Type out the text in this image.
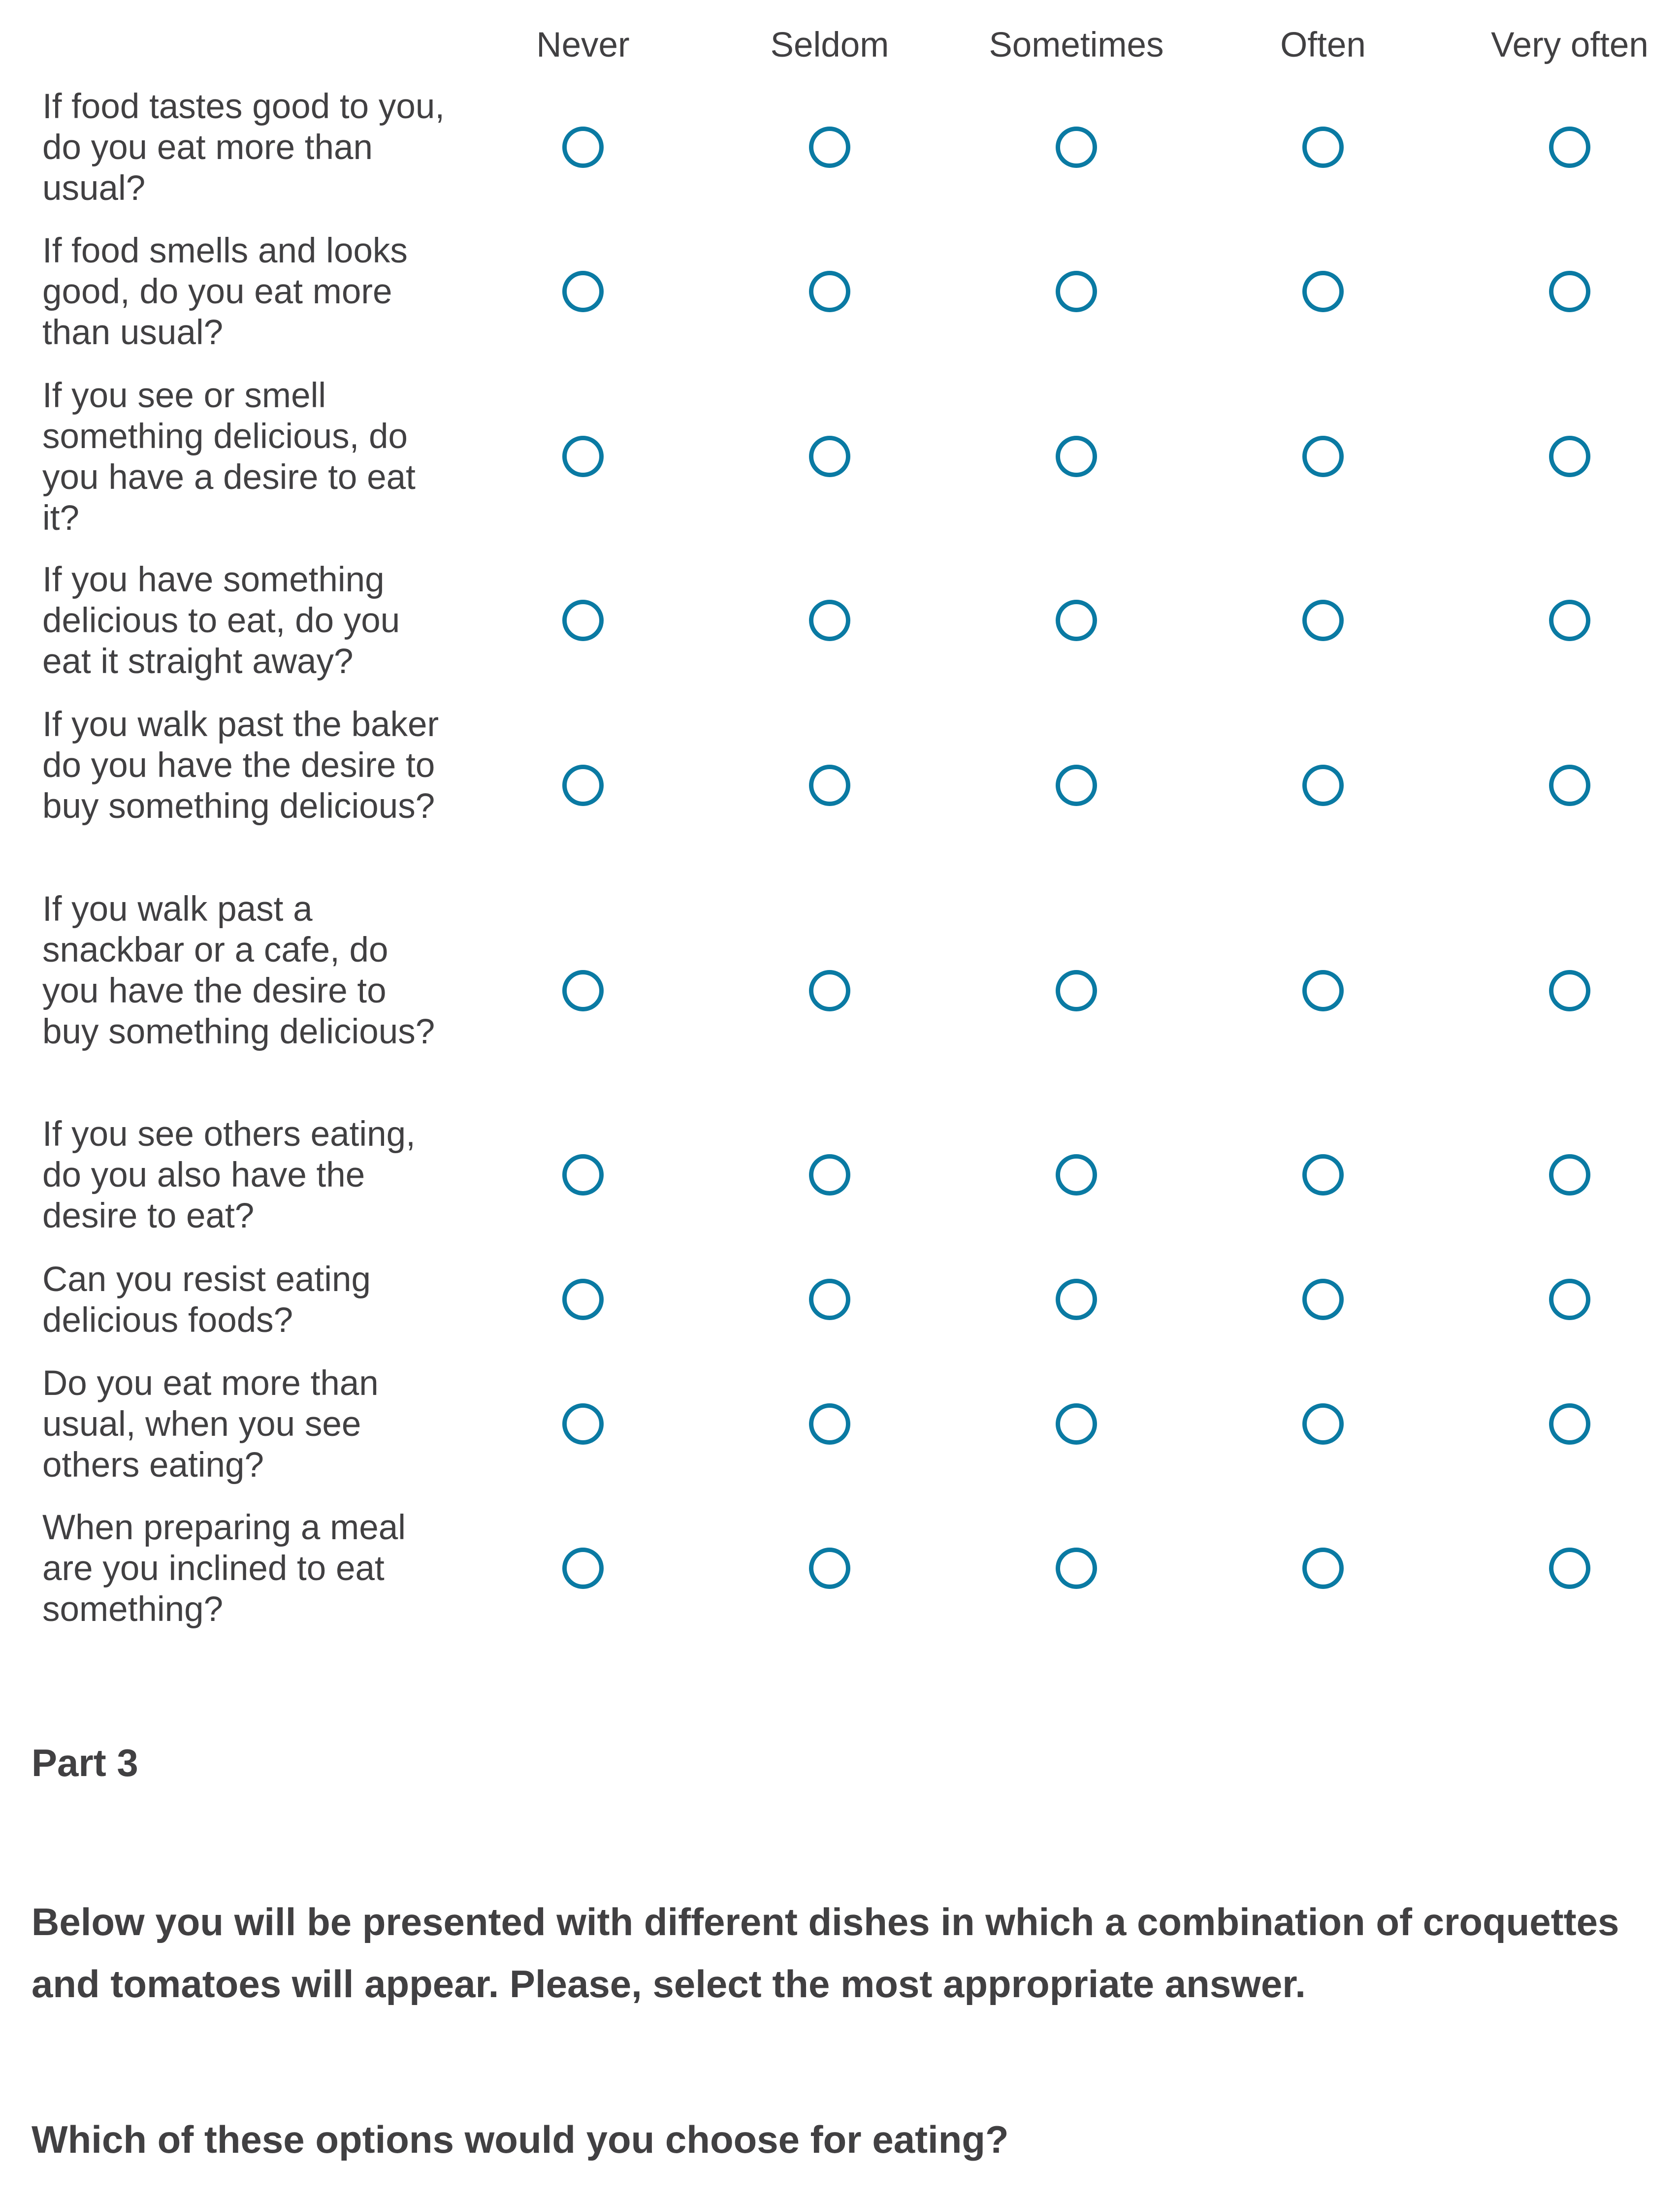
Never	Seldom	Sometimes	Often	Very often
If food tastes good to you, do you eat more than usual?
If food smells and looks good, do you eat more than usual?
If you see or smell something delicious, do you have a desire to eat it?
If you have something delicious to eat, do you eat it straight away?
If you walk past the baker do you have the desire to buy something delicious?
If you walk past a snackbar or a cafe, do you have the desire to buy something delicious?
If you see others eating, do you also have the desire to eat?
Can you resist eating delicious foods?
Do you eat more than usual, when you see others eating?
When preparing a meal are you inclined to eat something?
Part 3
Below you will be presented with different dishes in which a combination of croquettes and tomatoes will appear. Please, select the most appropriate answer.
Which of these options would you choose for eating?
